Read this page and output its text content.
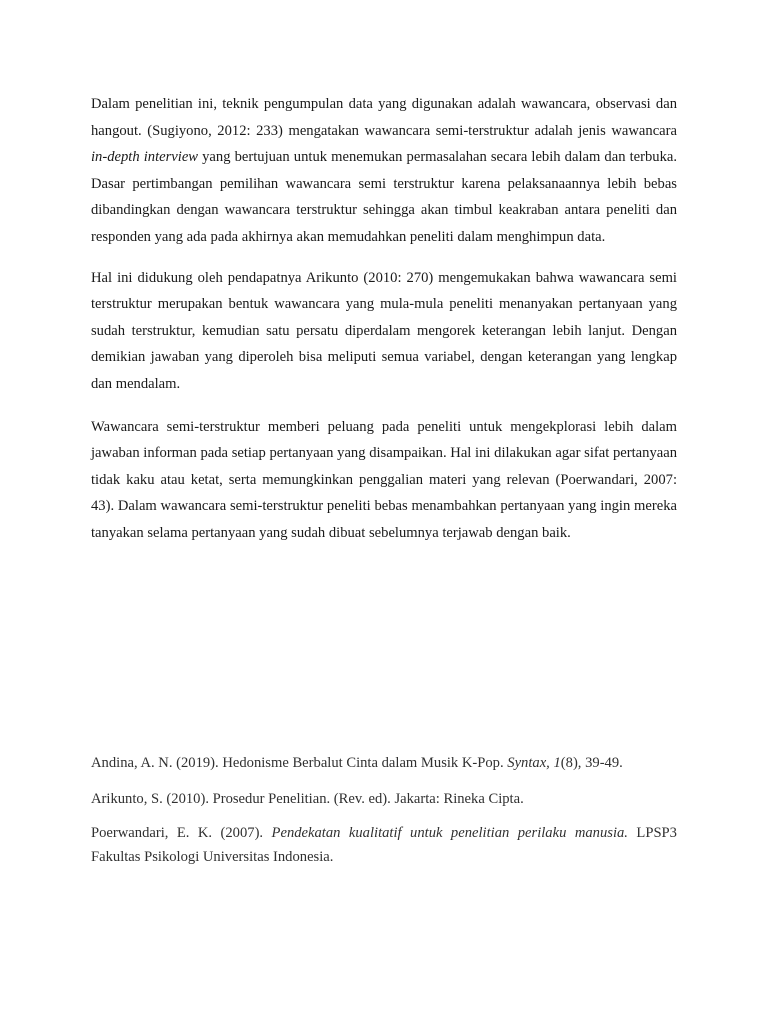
Dalam penelitian ini, teknik pengumpulan data yang digunakan adalah wawancara, observasi dan hangout. (Sugiyono, 2012: 233) mengatakan wawancara semi-terstruktur adalah jenis wawancara in-depth interview yang bertujuan untuk menemukan permasalahan secara lebih dalam dan terbuka. Dasar pertimbangan pemilihan wawancara semi terstruktur karena pelaksanaannya lebih bebas dibandingkan dengan wawancara terstruktur sehingga akan timbul keakraban antara peneliti dan responden yang ada pada akhirnya akan memudahkan peneliti dalam menghimpun data.

Hal ini didukung oleh pendapatnya Arikunto (2010: 270) mengemukakan bahwa wawancara semi terstruktur merupakan bentuk wawancara yang mula-mula peneliti menanyakan pertanyaan yang sudah terstruktur, kemudian satu persatu diperdalam mengorek keterangan lebih lanjut. Dengan demikian jawaban yang diperoleh bisa meliputi semua variabel, dengan keterangan yang lengkap dan mendalam.

Wawancara semi-terstruktur memberi peluang pada peneliti untuk mengekplorasi lebih dalam jawaban informan pada setiap pertanyaan yang disampaikan. Hal ini dilakukan agar sifat pertanyaan tidak kaku atau ketat, serta memungkinkan penggalian materi yang relevan (Poerwandari, 2007: 43). Dalam wawancara semi-terstruktur peneliti bebas menambahkan pertanyaan yang ingin mereka tanyakan selama pertanyaan yang sudah dibuat sebelumnya terjawab dengan baik.

Andina, A. N. (2019). Hedonisme Berbalut Cinta dalam Musik K-Pop. Syntax, 1(8), 39-49.

Arikunto, S. (2010). Prosedur Penelitian. (Rev. ed). Jakarta: Rineka Cipta.

Poerwandari, E. K. (2007). Pendekatan kualitatif untuk penelitian perilaku manusia. LPSP3 Fakultas Psikologi Universitas Indonesia.
